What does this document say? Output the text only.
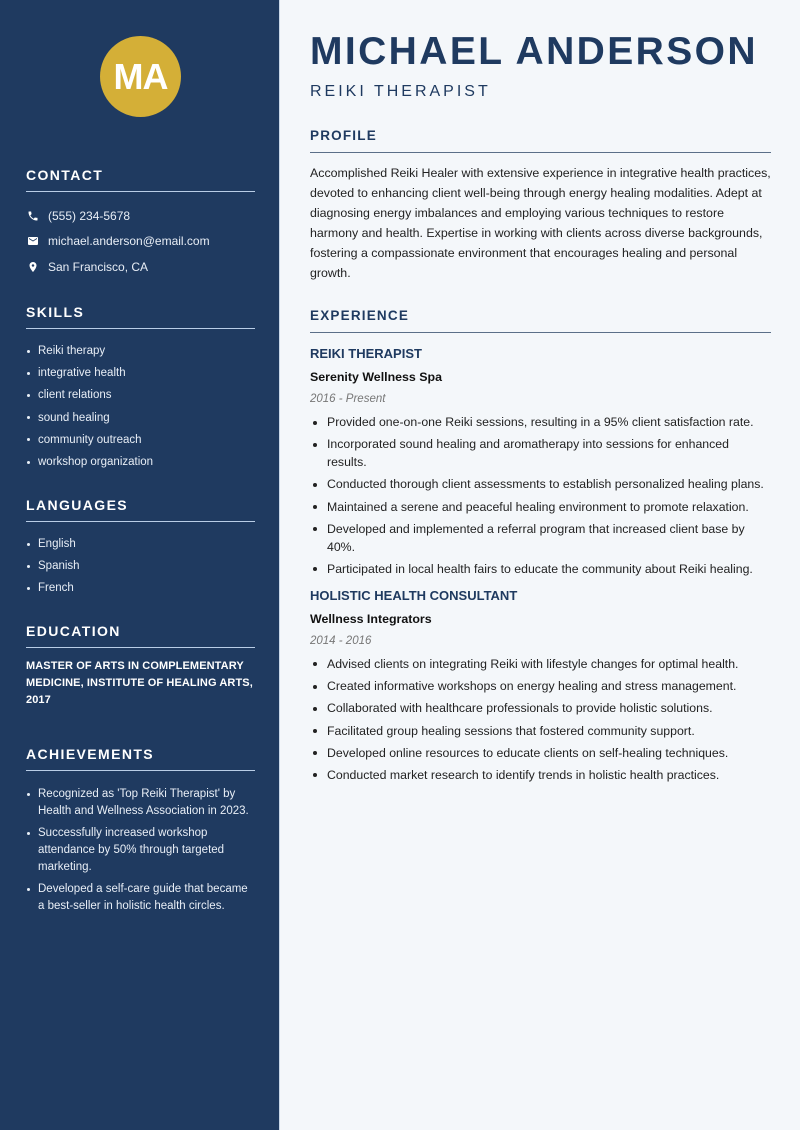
MA
CONTACT
(555) 234-5678
michael.anderson@email.com
San Francisco, CA
SKILLS
Reiki therapy
integrative health
client relations
sound healing
community outreach
workshop organization
LANGUAGES
English
Spanish
French
EDUCATION

MASTER OF ARTS IN COMPLEMENTARY MEDICINE, INSTITUTE OF HEALING ARTS, 2017

ACHIEVEMENTS
Recognized as 'Top Reiki Therapist' by Health and Wellness Association in 2023.
Successfully increased workshop attendance by 50% through targeted marketing.
Developed a self-care guide that became a best-seller in holistic health circles.
MICHAEL ANDERSON
REIKI THERAPIST
PROFILE

Accomplished Reiki Healer with extensive experience in integrative health practices, devoted to enhancing client well-being through energy healing modalities. Adept at diagnosing energy imbalances and employing various techniques to restore harmony and health. Expertise in working with clients across diverse backgrounds, fostering a compassionate environment that encourages healing and personal growth.

EXPERIENCE
REIKI THERAPIST
Serenity Wellness Spa
2016 - Present
Provided one-on-one Reiki sessions, resulting in a 95% client satisfaction rate.
Incorporated sound healing and aromatherapy into sessions for enhanced results.
Conducted thorough client assessments to establish personalized healing plans.
Maintained a serene and peaceful healing environment to promote relaxation.
Developed and implemented a referral program that increased client base by 40%.
Participated in local health fairs to educate the community about Reiki healing.
HOLISTIC HEALTH CONSULTANT
Wellness Integrators
2014 - 2016
Advised clients on integrating Reiki with lifestyle changes for optimal health.
Created informative workshops on energy healing and stress management.
Collaborated with healthcare professionals to provide holistic solutions.
Facilitated group healing sessions that fostered community support.
Developed online resources to educate clients on self-healing techniques.
Conducted market research to identify trends in holistic health practices.
